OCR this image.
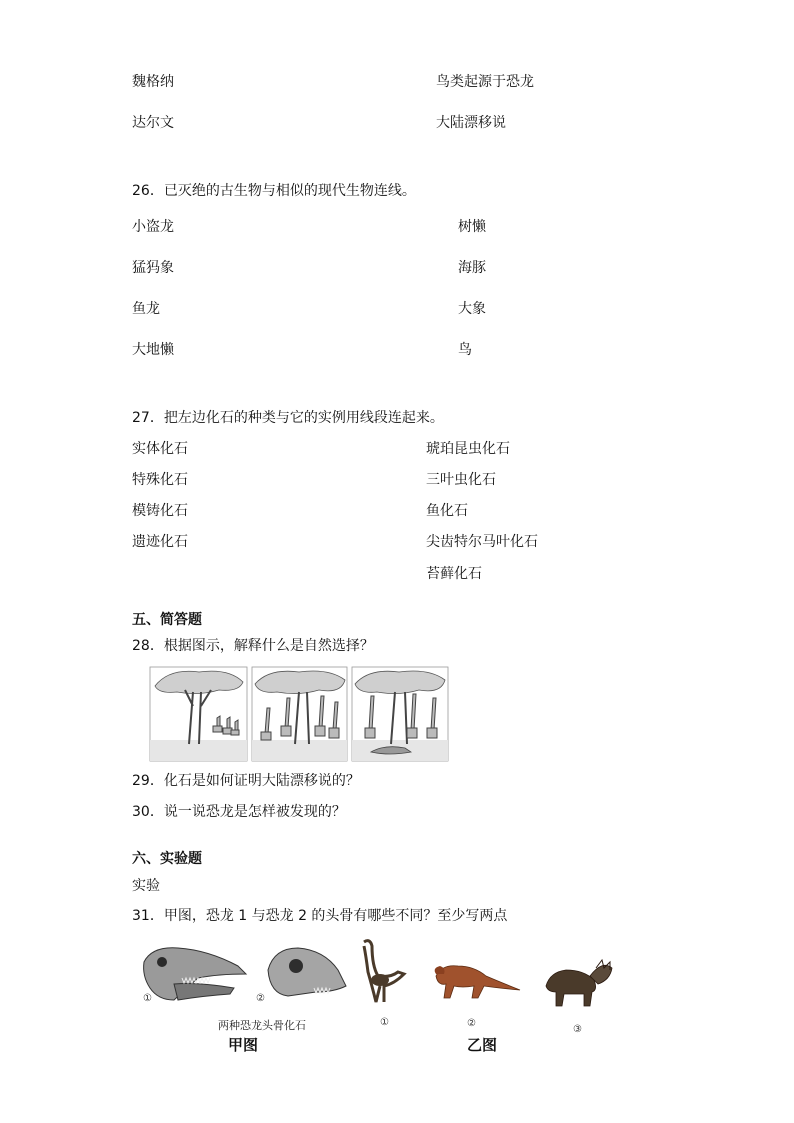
魏格纳	鸟类起源于恐龙
达尔文	大陆漂移说
26．已灭绝的古生物与相似的现代生物连线。
小盗龙	树懒
猛犸象	海豚
鱼龙	大象
大地懒	鸟
27．把左边化石的种类与它的实例用线段连起来。
实体化石	琥珀昆虫化石
特殊化石	三叶虫化石
模铸化石	鱼化石
遗迹化石	尖齿特尔马叶化石
苔藓化石
五、简答题
28．根据图示，解释什么是自然选择？
29．化石是如何证明大陆漂移说的？
30．说一说恐龙是怎样被发现的？
六、实验题
实验
31．甲图，恐龙 1 与恐龙 2 的头骨有哪些不同？至少写两点
①	②
两种恐龙头骨化石
甲图
①	②
③
乙图
